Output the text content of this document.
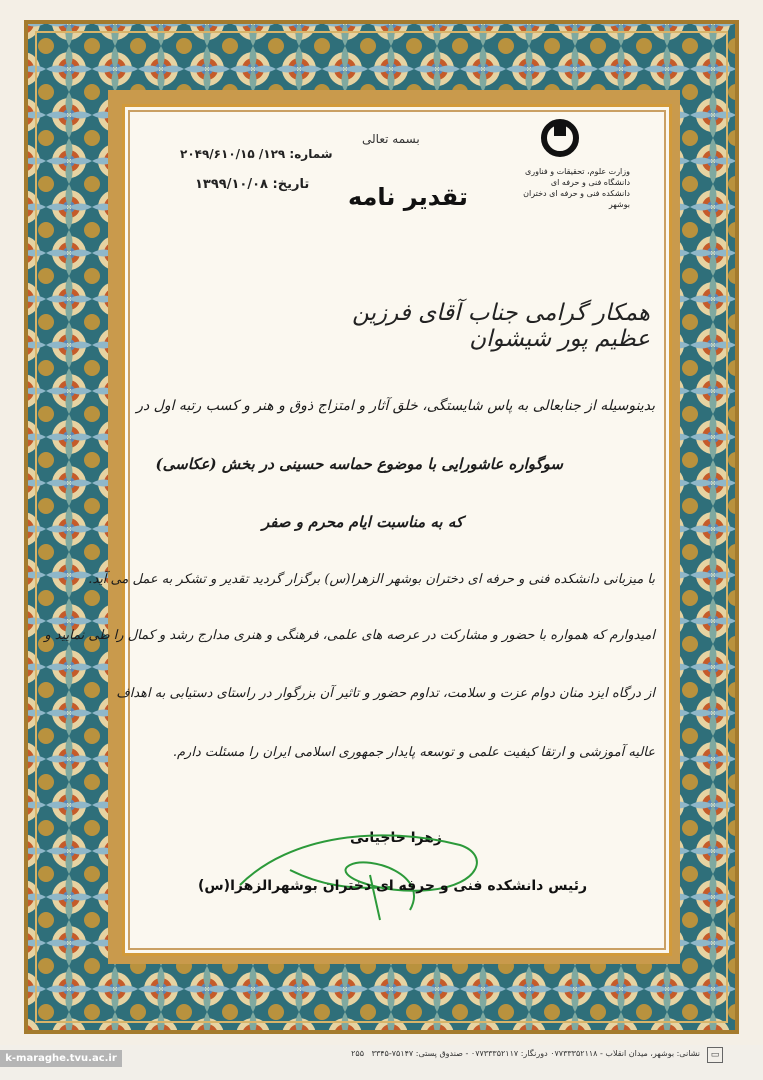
وزارت علوم، تحقیقات و فناوری
دانشگاه فنی و حرفه ای
دانشکده فنی و حرفه ای دختران بوشهر
بسمه تعالی
شماره: ۱۲۹/ ۲۰۴۹/۶۱۰/۱۵
تاریخ: ۱۳۹۹/۱۰/۰۸ تقدیر نامه
همکار گرامی جناب آقای فرزین عظیم پور شیشوان
بدینوسیله از جنابعالی به پاس شایستگی، خلق آثار و امتزاج ذوق و هنر و کسب رتبه اول در
سوگواره عاشورایی با موضوع حماسه حسینی در بخش (عکاسی)
که به مناسبت ایام محرم و صفر
با میزبانی دانشکده فنی و حرفه ای دختران بوشهر الزهرا(س) برگزار گردید تقدیر و تشکر به عمل می آید.
امیدوارم که همواره با حضور و مشارکت در عرصه های علمی، فرهنگی و هنری مدارج رشد و کمال را طی نمایید و
از درگاه ایزد منان دوام عزت و سلامت، تداوم حضور و تاثیر آن بزرگوار در راستای دستیابی به اهداف
عالیه آموزشی و ارتقا کیفیت علمی و توسعه پایدار جمهوری اسلامی ایران را مسئلت دارم.
زهرا حاجیانی
رئیس دانشکده فنی و حرفه ای دختران بوشهرالزهرا(س)
k-maraghe.tvu.ac.ir	نشانی: بوشهر، میدان انقلاب - ۰۷۷۳۳۳۵۲۱۱۸ دورنگار: ۰۷۷۳۳۳۵۲۱۱۷ - صندوق پستی: ۷۵۱۴۷-۳۳۴۵   ۲۵۵	▭
